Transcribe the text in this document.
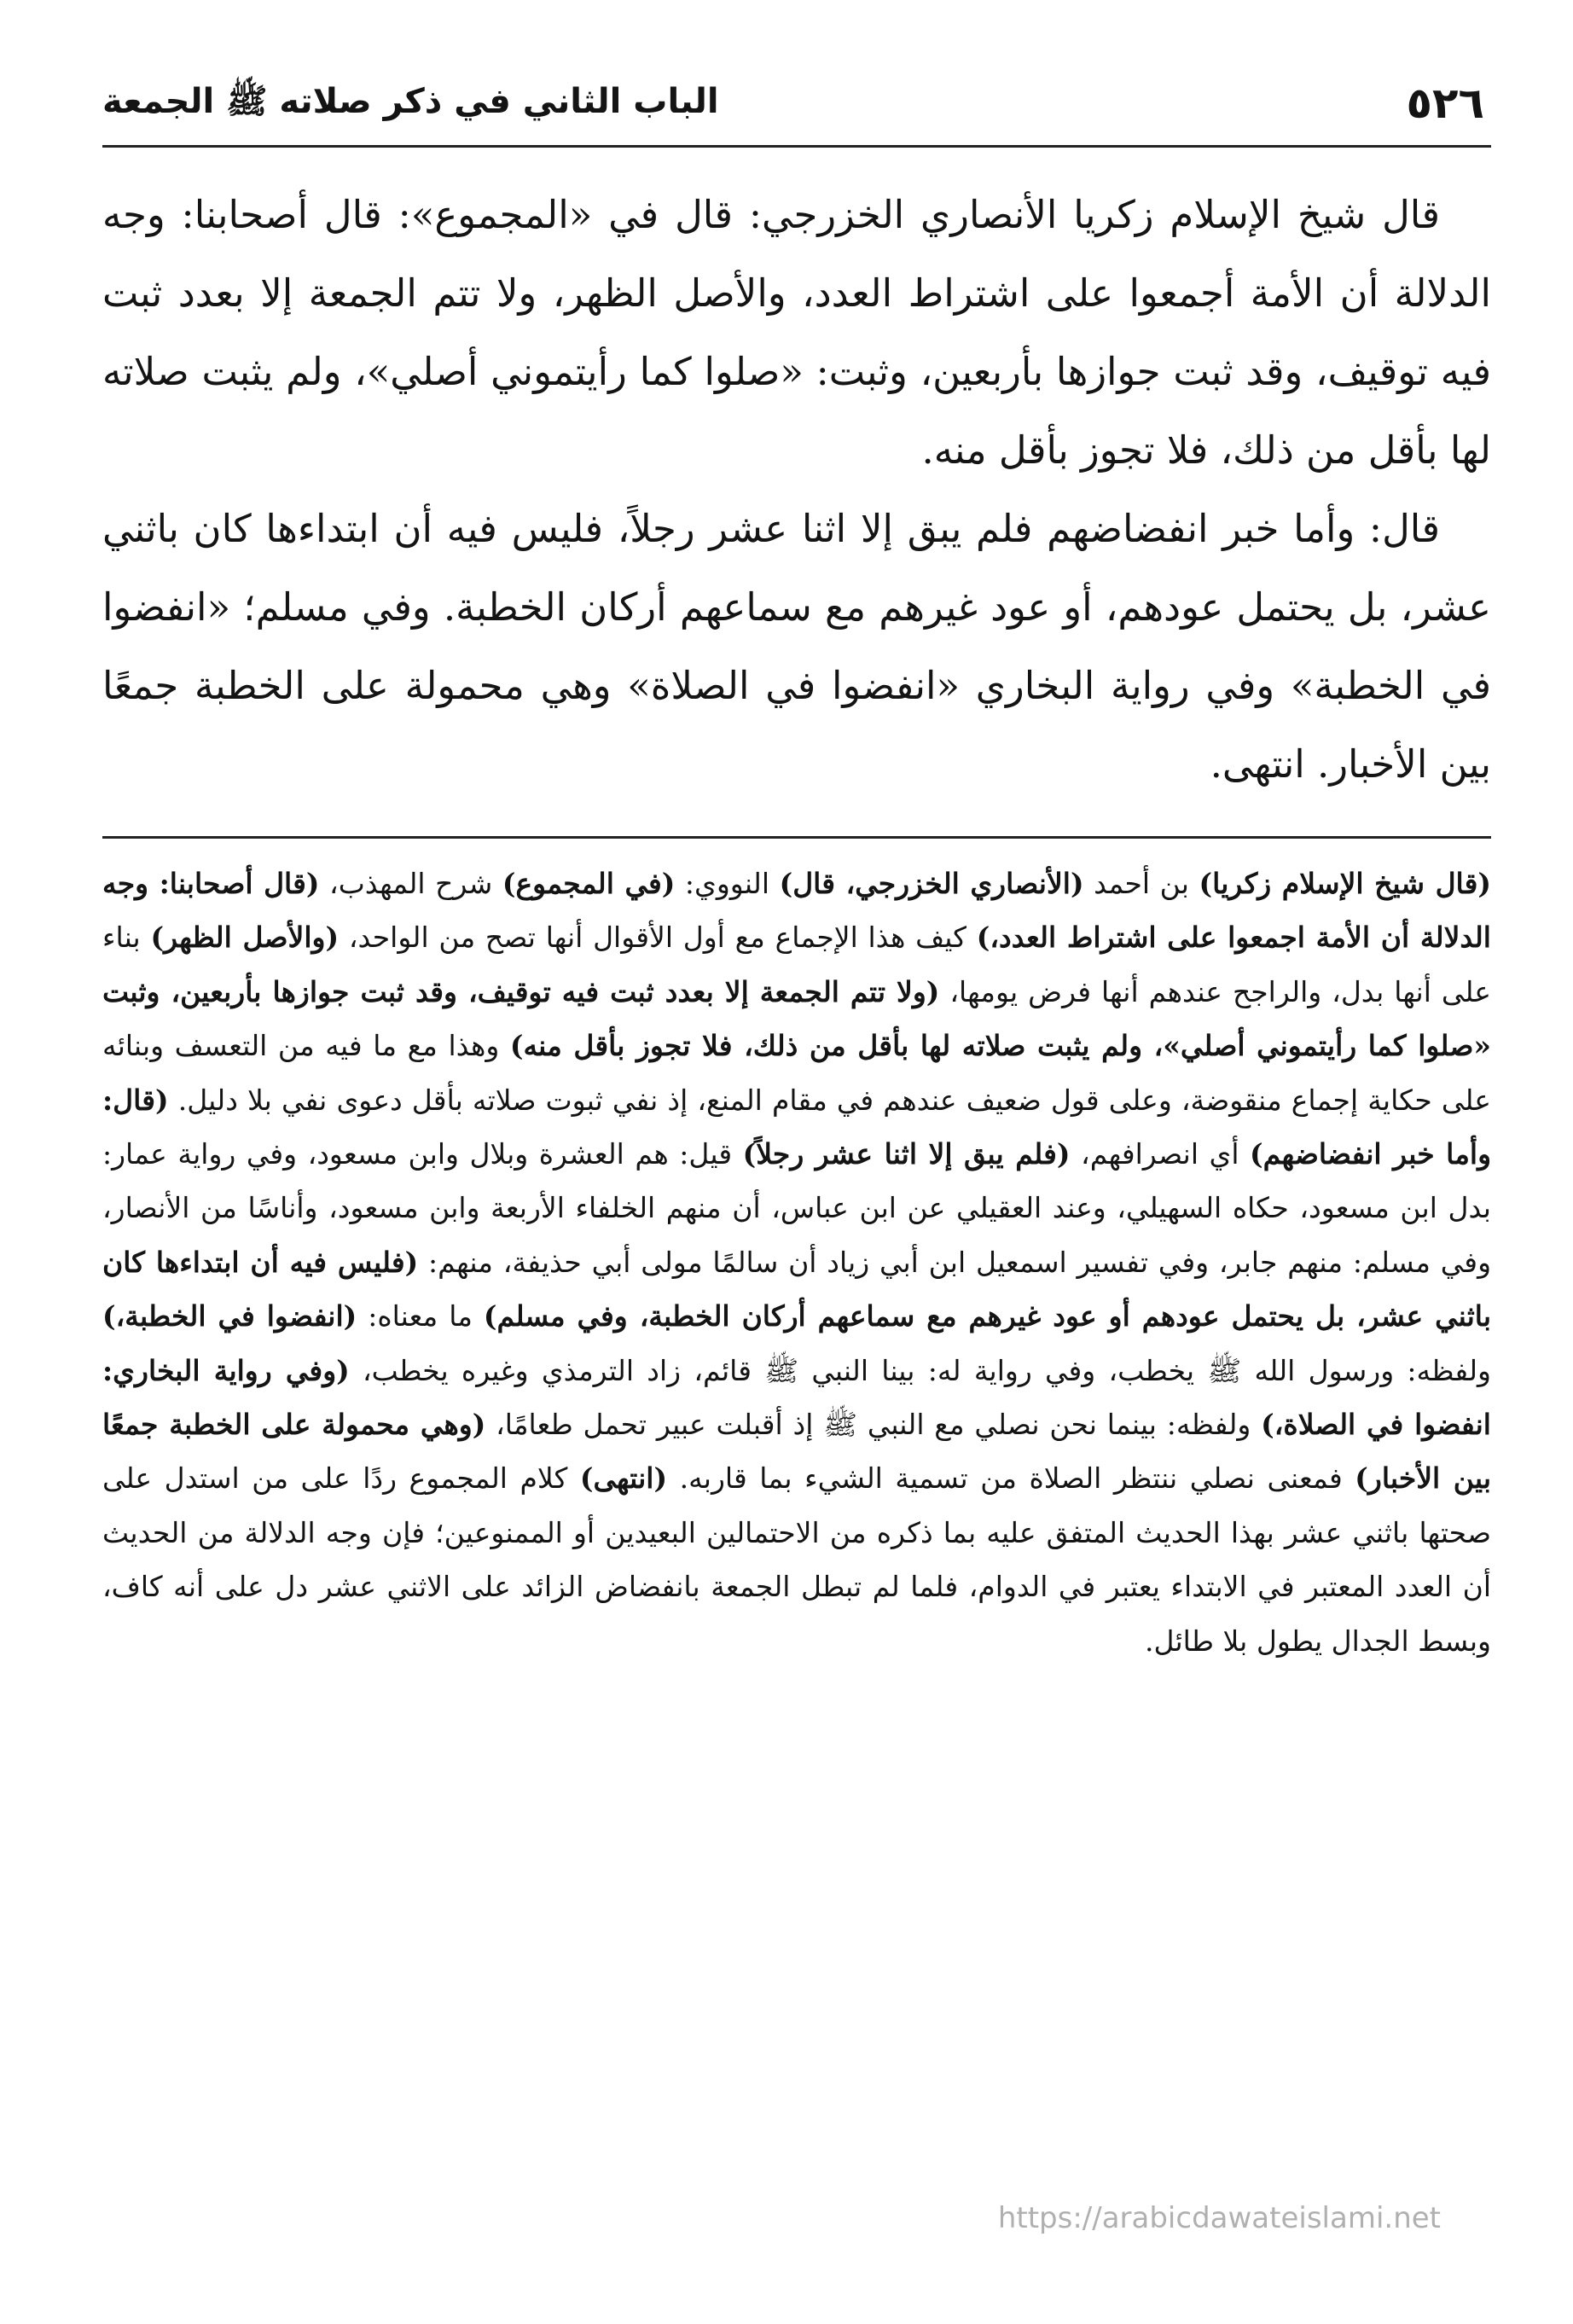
٥٢٦
الباب الثاني في ذكر صلاته ﷺ الجمعة

قال شيخ الإسلام زكريا الأنصاري الخزرجي: قال في «المجموع»: قال أصحابنا: وجه الدلالة أن الأمة أجمعوا على اشتراط العدد، والأصل الظهر، ولا تتم الجمعة إلا بعدد ثبت فيه توقيف، وقد ثبت جوازها بأربعين، وثبت: «صلوا كما رأيتموني أصلي»، ولم يثبت صلاته لها بأقل من ذلك، فلا تجوز بأقل منه.

قال: وأما خبر انفضاضهم فلم يبق إلا اثنا عشر رجلاً، فليس فيه أن ابتداءها كان باثني عشر، بل يحتمل عودهم، أو عود غيرهم مع سماعهم أركان الخطبة. وفي مسلم؛ «انفضوا في الخطبة» وفي رواية البخاري «انفضوا في الصلاة» وهي محمولة على الخطبة جمعًا بين الأخبار. انتهى.

(قال شيخ الإسلام زكريا) بن أحمد (الأنصاري الخزرجي، قال) النووي: (في المجموع) شرح المهذب، (قال أصحابنا: وجه الدلالة أن الأمة اجمعوا على اشتراط العدد،) كيف هذا الإجماع مع أول الأقوال أنها تصح من الواحد، (والأصل الظهر) بناء على أنها بدل، والراجح عندهم أنها فرض يومها، (ولا تتم الجمعة إلا بعدد ثبت فيه توقيف، وقد ثبت جوازها بأربعين، وثبت «صلوا كما رأيتموني أصلي»، ولم يثبت صلاته لها بأقل من ذلك، فلا تجوز بأقل منه) وهذا مع ما فيه من التعسف وبنائه على حكاية إجماع منقوضة، وعلى قول ضعيف عندهم في مقام المنع، إذ نفي ثبوت صلاته بأقل دعوى نفي بلا دليل. (قال: وأما خبر انفضاضهم) أي انصرافهم، (فلم يبق إلا اثنا عشر رجلاً) قيل: هم العشرة وبلال وابن مسعود، وفي رواية عمار: بدل ابن مسعود، حكاه السهيلي، وعند العقيلي عن ابن عباس، أن منهم الخلفاء الأربعة وابن مسعود، وأناسًا من الأنصار، وفي مسلم: منهم جابر، وفي تفسير اسمعيل ابن أبي زياد أن سالمًا مولى أبي حذيفة، منهم: (فليس فيه أن ابتداءها كان باثني عشر، بل يحتمل عودهم أو عود غيرهم مع سماعهم أركان الخطبة، وفي مسلم) ما معناه: (انفضوا في الخطبة،) ولفظه: ورسول الله ﷺ يخطب، وفي رواية له: بينا النبي ﷺ قائم، زاد الترمذي وغيره يخطب، (وفي رواية البخاري: انفضوا في الصلاة،) ولفظه: بينما نحن نصلي مع النبي ﷺ إذ أقبلت عبير تحمل طعامًا، (وهي محمولة على الخطبة جمعًا بين الأخبار) فمعنى نصلي ننتظر الصلاة من تسمية الشيء بما قاربه. (انتهى) كلام المجموع ردًا على من استدل على صحتها باثني عشر بهذا الحديث المتفق عليه بما ذكره من الاحتمالين البعيدين أو الممنوعين؛ فإن وجه الدلالة من الحديث أن العدد المعتبر في الابتداء يعتبر في الدوام، فلما لم تبطل الجمعة بانفضاض الزائد على الاثني عشر دل على أنه كاف، وبسط الجدال يطول بلا طائل.

https://arabicdawateislami.net
